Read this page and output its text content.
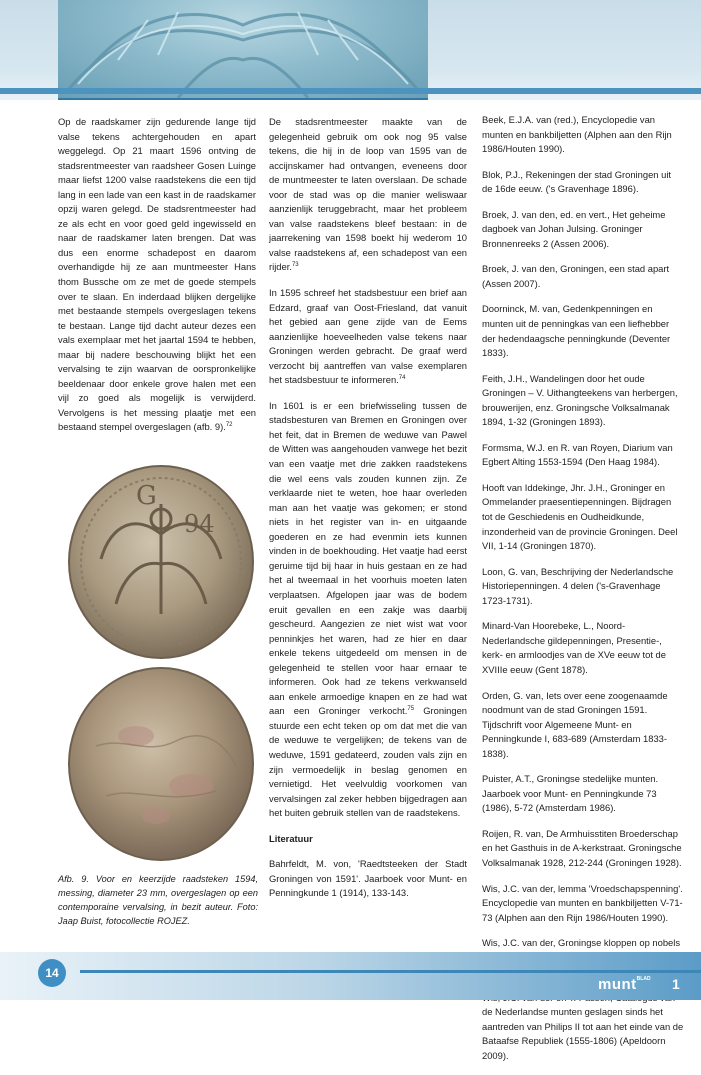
Op de raadskamer zijn gedurende lange tijd valse tekens achtergehouden en apart weggelegd. Op 21 maart 1596 ontving de stadsrentmeester van raadsheer Gosen Luinge maar liefst 1200 valse raadstekens die een tijd lang in een lade van een kast in de raadskamer opzij waren gelegd. De stadsrentmeester had ze als echt en voor goed geld ingewisseld en naar de raadskamer laten brengen. Dat was dus een enorme schadepost en daarom overhandigde hij ze aan muntmeester Hans thom Bussche om ze met de goede stempels over te slaan. En inderdaad blijken dergelijke met bestaande stempels overgeslagen tekens te bestaan. Lange tijd dacht auteur dezes een vals exemplaar met het jaartal 1594 te hebben, maar bij nadere beschouwing blijkt het een vervalsing te zijn waarvan de oorspronkelijke beeldenaar door enkele grove halen met een vijl zo goed als mogelijk is verwijderd. Vervolgens is het messing plaatje met een bestaand stempel overgeslagen (afb. 9).$^{72}$

G
94
Afb. 9. Voor en keerzijde raadsteken 1594, messing, diameter 23 mm, overgeslagen op een contemporaine vervalsing, in bezit auteur. Foto: Jaap Buist, fotocollectie ROJEZ.

De stadsrentmeester maakte van de gelegenheid gebruik om ook nog 95 valse tekens, die hij in de loop van 1595 van de accijnskamer had ontvangen, eveneens door de muntmeester te laten overslaan. De schade voor de stad was op die manier weliswaar aanzienlijk teruggebracht, maar het probleem van valse raadstekens bleef bestaan: in de jaarrekening van 1598 boekt hij wederom 10 valse raadstekens af, een schadepost van een rijder.$^{73}$

In 1595 schreef het stadsbestuur een brief aan Edzard, graaf van Oost-Friesland, dat vanuit het gebied aan gene zijde van de Eems aanzienlijke hoeveelheden valse tekens naar Groningen werden gebracht. De graaf werd verzocht bij aantreffen van valse exemplaren het stadsbestuur te informeren.$^{74}$

In 1601 is er een briefwisseling tussen de stadsbesturen van Bremen en Groningen over het feit, dat in Bremen de weduwe van Pawel de Witten was aangehouden vanwege het bezit van een vaatje met drie zakken raadstekens die wel eens vals zouden kunnen zijn. Ze verklaarde niet te weten, hoe haar overleden man aan het vaatje was gekomen; er stond niets in het register van in- en uitgaande goederen en ze had evenmin iets kunnen vinden in de boekhouding. Het vaatje had eerst geruime tijd bij haar in huis gestaan en ze had het al tweemaal in het voorhuis moeten laten verplaatsen. Afgelopen jaar was de bodem eruit gevallen en een zakje was daarbij gescheurd. Aangezien ze niet wist wat voor penninkjes het waren, had ze hier en daar enkele tekens uitgedeeld om mensen in de gelegenheid te stellen voor haar ernaar te informeren. Ook had ze tekens verkwanseld aan enkele armoedige knapen en ze had wat aan een Groninger verkocht.$^{75}$ Groningen stuurde een echt teken op om dat met die van de weduwe te vergelijken; de tekens van de weduwe, 1591 gedateerd, zouden vals zijn en zijn vermoedelijk in beslag genomen en vernietigd. Het veelvuldig voorkomen van vervalsingen zal zeker hebben bijgedragen aan het buiten gebruik stellen van de raadstekens.

Literatuur

Bahrfeldt, M. von, 'Raedtsteeken der Stadt Groningen von 1591'. Jaarboek voor Munt- en Penningkunde 1 (1914), 133-143.

Beek, E.J.A. van (red.), Encyclopedie van munten en bankbiljetten (Alphen aan den Rijn 1986/Houten 1990).

Blok, P.J., Rekeningen der stad Groningen uit de 16de eeuw. ('s Gravenhage 1896).

Broek, J. van den, ed. en vert., Het geheime dagboek van Johan Julsing. Groninger Bronnenreeks 2 (Assen 2006).

Broek, J. van den, Groningen, een stad apart (Assen 2007).

Doorninck, M. van, Gedenkpenningen en munten uit de penningkas van een liefhebber der hedendaagsche penningkunde (Deventer 1833).

Feith, J.H., Wandelingen door het oude Groningen – V. Uithangteekens van herbergen, brouwerijen, enz. Groningsche Volksalmanak 1894, 1-32 (Groningen 1893).

Formsma, W.J. en R. van Royen, Diarium van Egbert Alting 1553-1594 (Den Haag 1984).

Hooft van Iddekinge, Jhr. J.H., Groninger en Ommelander praesentiepenningen. Bijdragen tot de Geschiedenis en Oudheidkunde, inzonderheid van de provincie Groningen. Deel VII, 1-14 (Groningen 1870).

Loon, G. van, Beschrijving der Nederlandsche Historiepenningen. 4 delen ('s-Gravenhage 1723-1731).

Minard-Van Hoorebeke, L., Noord-Nederlandsche gildepenningen, Presentie-, kerk- en armloodjes van de XVe eeuw tot de XVIIIe eeuw (Gent 1878).

Orden, G. van, Iets over eene zoogenaamde noodmunt van de stad Groningen 1591. Tijdschrift voor Algemeene Munt- en Penningkunde I, 683-689 (Amsterdam 1833-1838).

Puister, A.T., Groningse stedelijke munten. Jaarboek voor Munt- en Penningkunde 73 (1986), 5-72 (Amsterdam 1986).

Roijen, R. van, De Armhuisstiten Broederschap en het Gasthuis in de A-kerkstraat. Groningsche Volksalmanak 1928, 212-244 (Groningen 1928).

Wis, J.C. van der, lemma 'Vroedschapspenning'. Encyclopedie van munten en bankbiljetten V-71-73 (Alphen aan den Rijn 1986/Houten 1990).

Wis, J.C. van der, Groningse kloppen op nobels

de Nederlandse munten geslagen sinds het aantreden van Philips II tot aan het einde van de Bataafse Republiek (1555-1806) (Apeldoorn 2009).

14
munt$^{BLAD}$ 1
